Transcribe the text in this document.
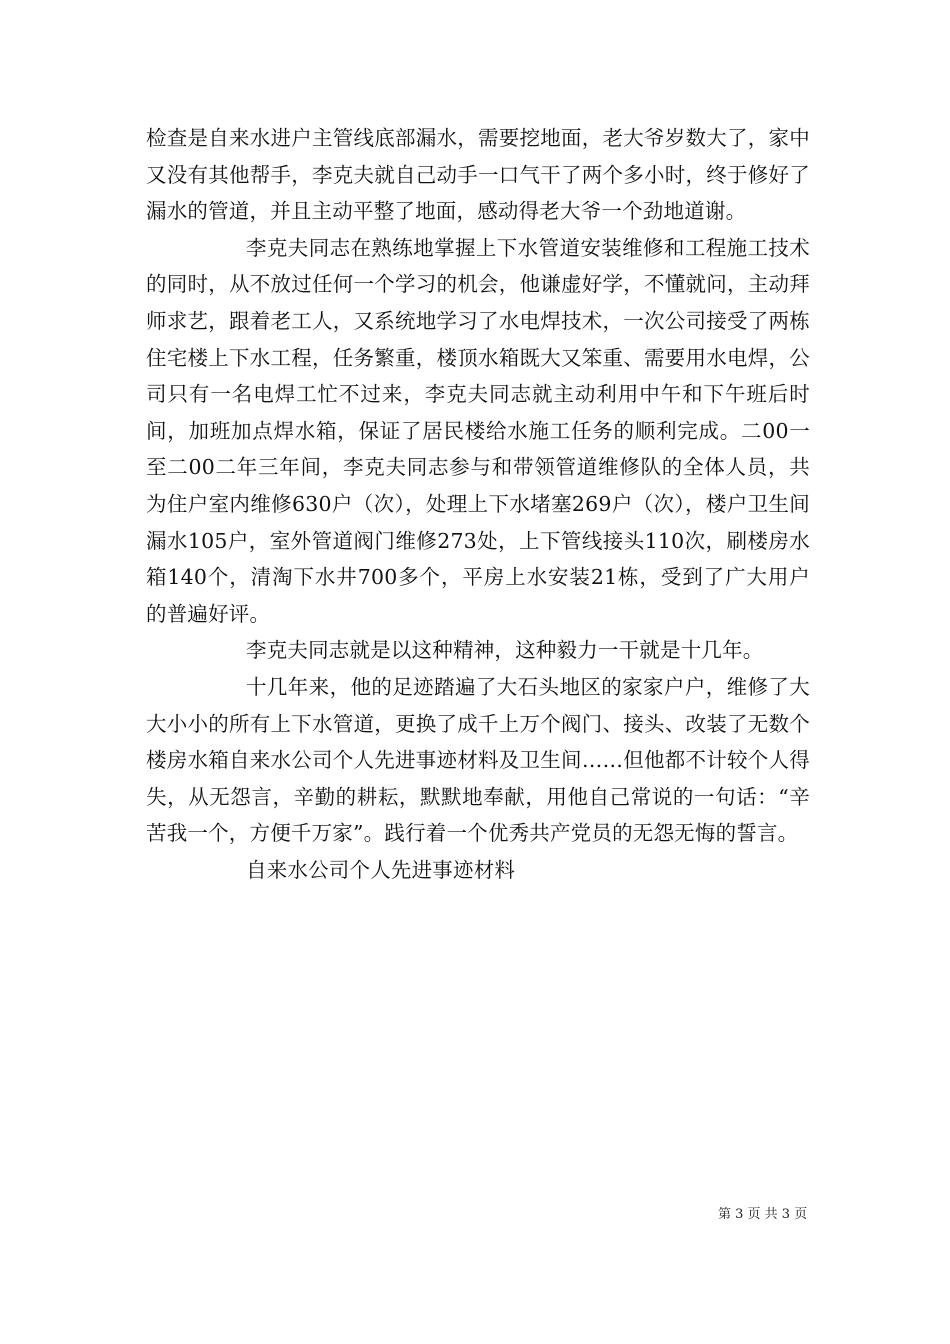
检查是自来水进户主管线底部漏水，需要挖地面，老大爷岁数大了，家中又没有其他帮手，李克夫就自己动手一口气干了两个多小时，终于修好了漏水的管道，并且主动平整了地面，感动得老大爷一个劲地道谢。

李克夫同志在熟练地掌握上下水管道安装维修和工程施工技术的同时，从不放过任何一个学习的机会，他谦虚好学，不懂就问，主动拜师求艺，跟着老工人，又系统地学习了水电焊技术，一次公司接受了两栋住宅楼上下水工程，任务繁重，楼顶水箱既大又笨重、需要用水电焊，公司只有一名电焊工忙不过来，李克夫同志就主动利用中午和下午班后时间，加班加点焊水箱，保证了居民楼给水施工任务的顺利完成。二00一至二00二年三年间，李克夫同志参与和带领管道维修队的全体人员，共为住户室内维修630户（次），处理上下水堵塞269户（次），楼户卫生间漏水105户，室外管道阀门维修273处，上下管线接头110次，刷楼房水箱140个，清淘下水井700多个，平房上水安装21栋，受到了广大用户的普遍好评。

李克夫同志就是以这种精神，这种毅力一干就是十几年。

十几年来，他的足迹踏遍了大石头地区的家家户户，维修了大大小小的所有上下水管道，更换了成千上万个阀门、接头、改装了无数个楼房水箱自来水公司个人先进事迹材料及卫生间……但他都不计较个人得失，从无怨言，辛勤的耕耘，默默地奉献，用他自己常说的一句话：“辛苦我一个，方便千万家”。践行着一个优秀共产党员的无怨无悔的誓言。

自来水公司个人先进事迹材料

第 3 页 共 3 页
